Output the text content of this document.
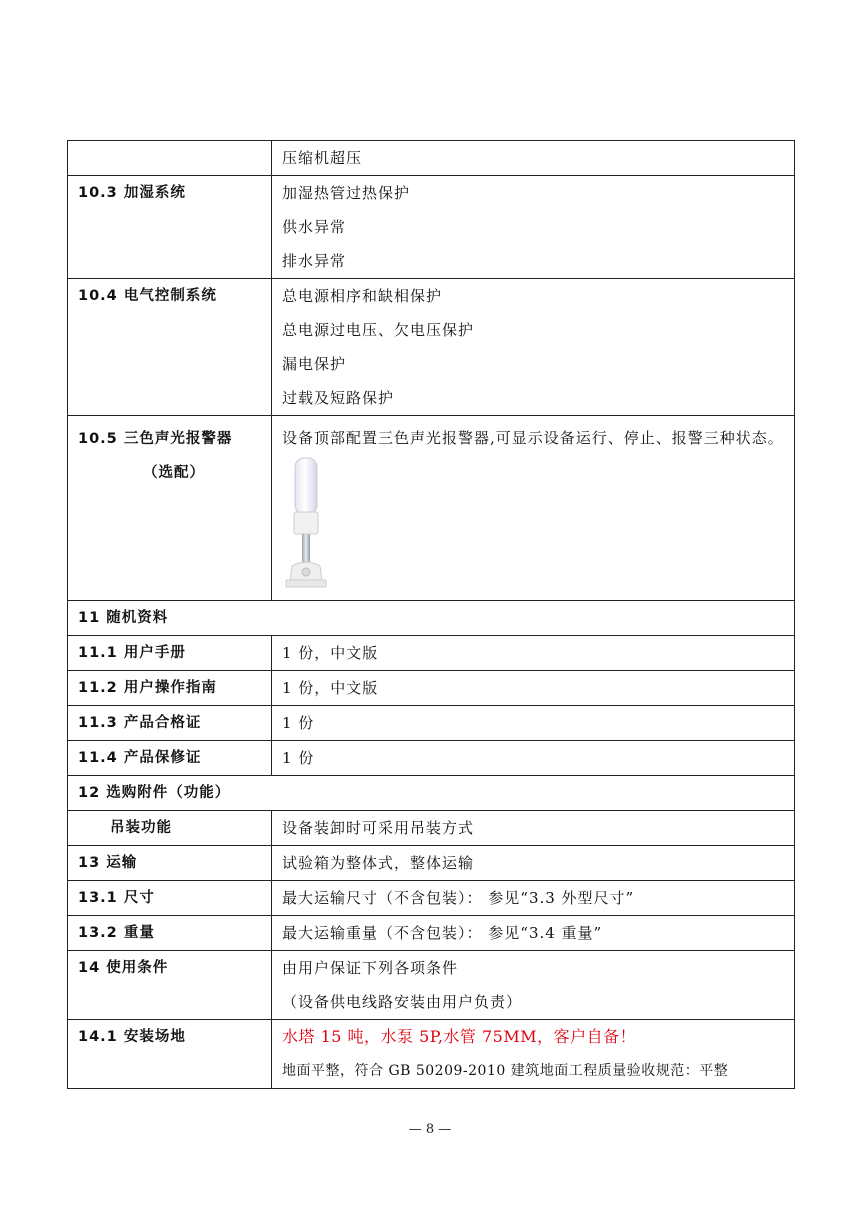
	压缩机超压

10.3 加湿系统	加湿热管过热保护
供水异常
排水异常

10.4 电气控制系统	总电源相序和缺相保护
总电源过电压、欠电压保护
漏电保护
过载及短路保护

10.5 三色声光报警器
（选配）	设备顶部配置三色声光报警器,可显示设备运行、停止、报警三种状态。

11 随机资料	

11.1 用户手册	1 份，中文版

11.2 用户操作指南	1 份，中文版

11.3 产品合格证	1 份

11.4 产品保修证	1 份

12 选购附件（功能）	

吊装功能	设备装卸时可采用吊装方式

13 运输	试验箱为整体式，整体运输

13.1 尺寸	最大运输尺寸（不含包装）： 参见“3.3 外型尺寸”

13.2 重量	最大运输重量（不含包装）： 参见“3.4 重量”

14 使用条件	由用户保证下列各项条件
（设备供电线路安装由用户负责）

14.1 安装场地	水塔 15 吨，水泵 5P,水管 75MM，客户自备！
地面平整，符合 GB 50209-2010 建筑地面工程质量验收规范：平整
— 8 —
